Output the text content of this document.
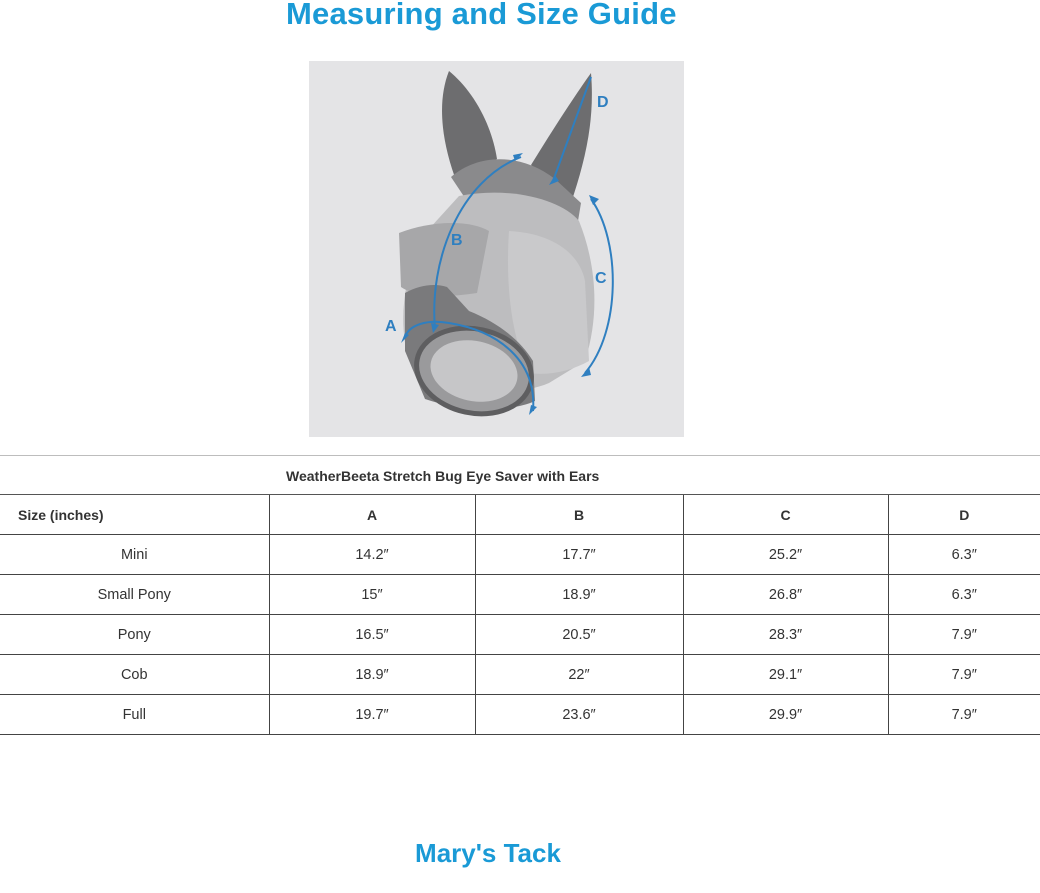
Measuring and Size Guide
A
B
C
D
WeatherBeeta Stretch Bug Eye Saver with Ears
Size (inches)	A	B	C	D
Mini	14.2″	17.7″	25.2″	6.3″
Small Pony	15″	18.9″	26.8″	6.3″
Pony	16.5″	20.5″	28.3″	7.9″
Cob	18.9″	22″	29.1″	7.9″
Full	19.7″	23.6″	29.9″	7.9″
Mary's Tack
